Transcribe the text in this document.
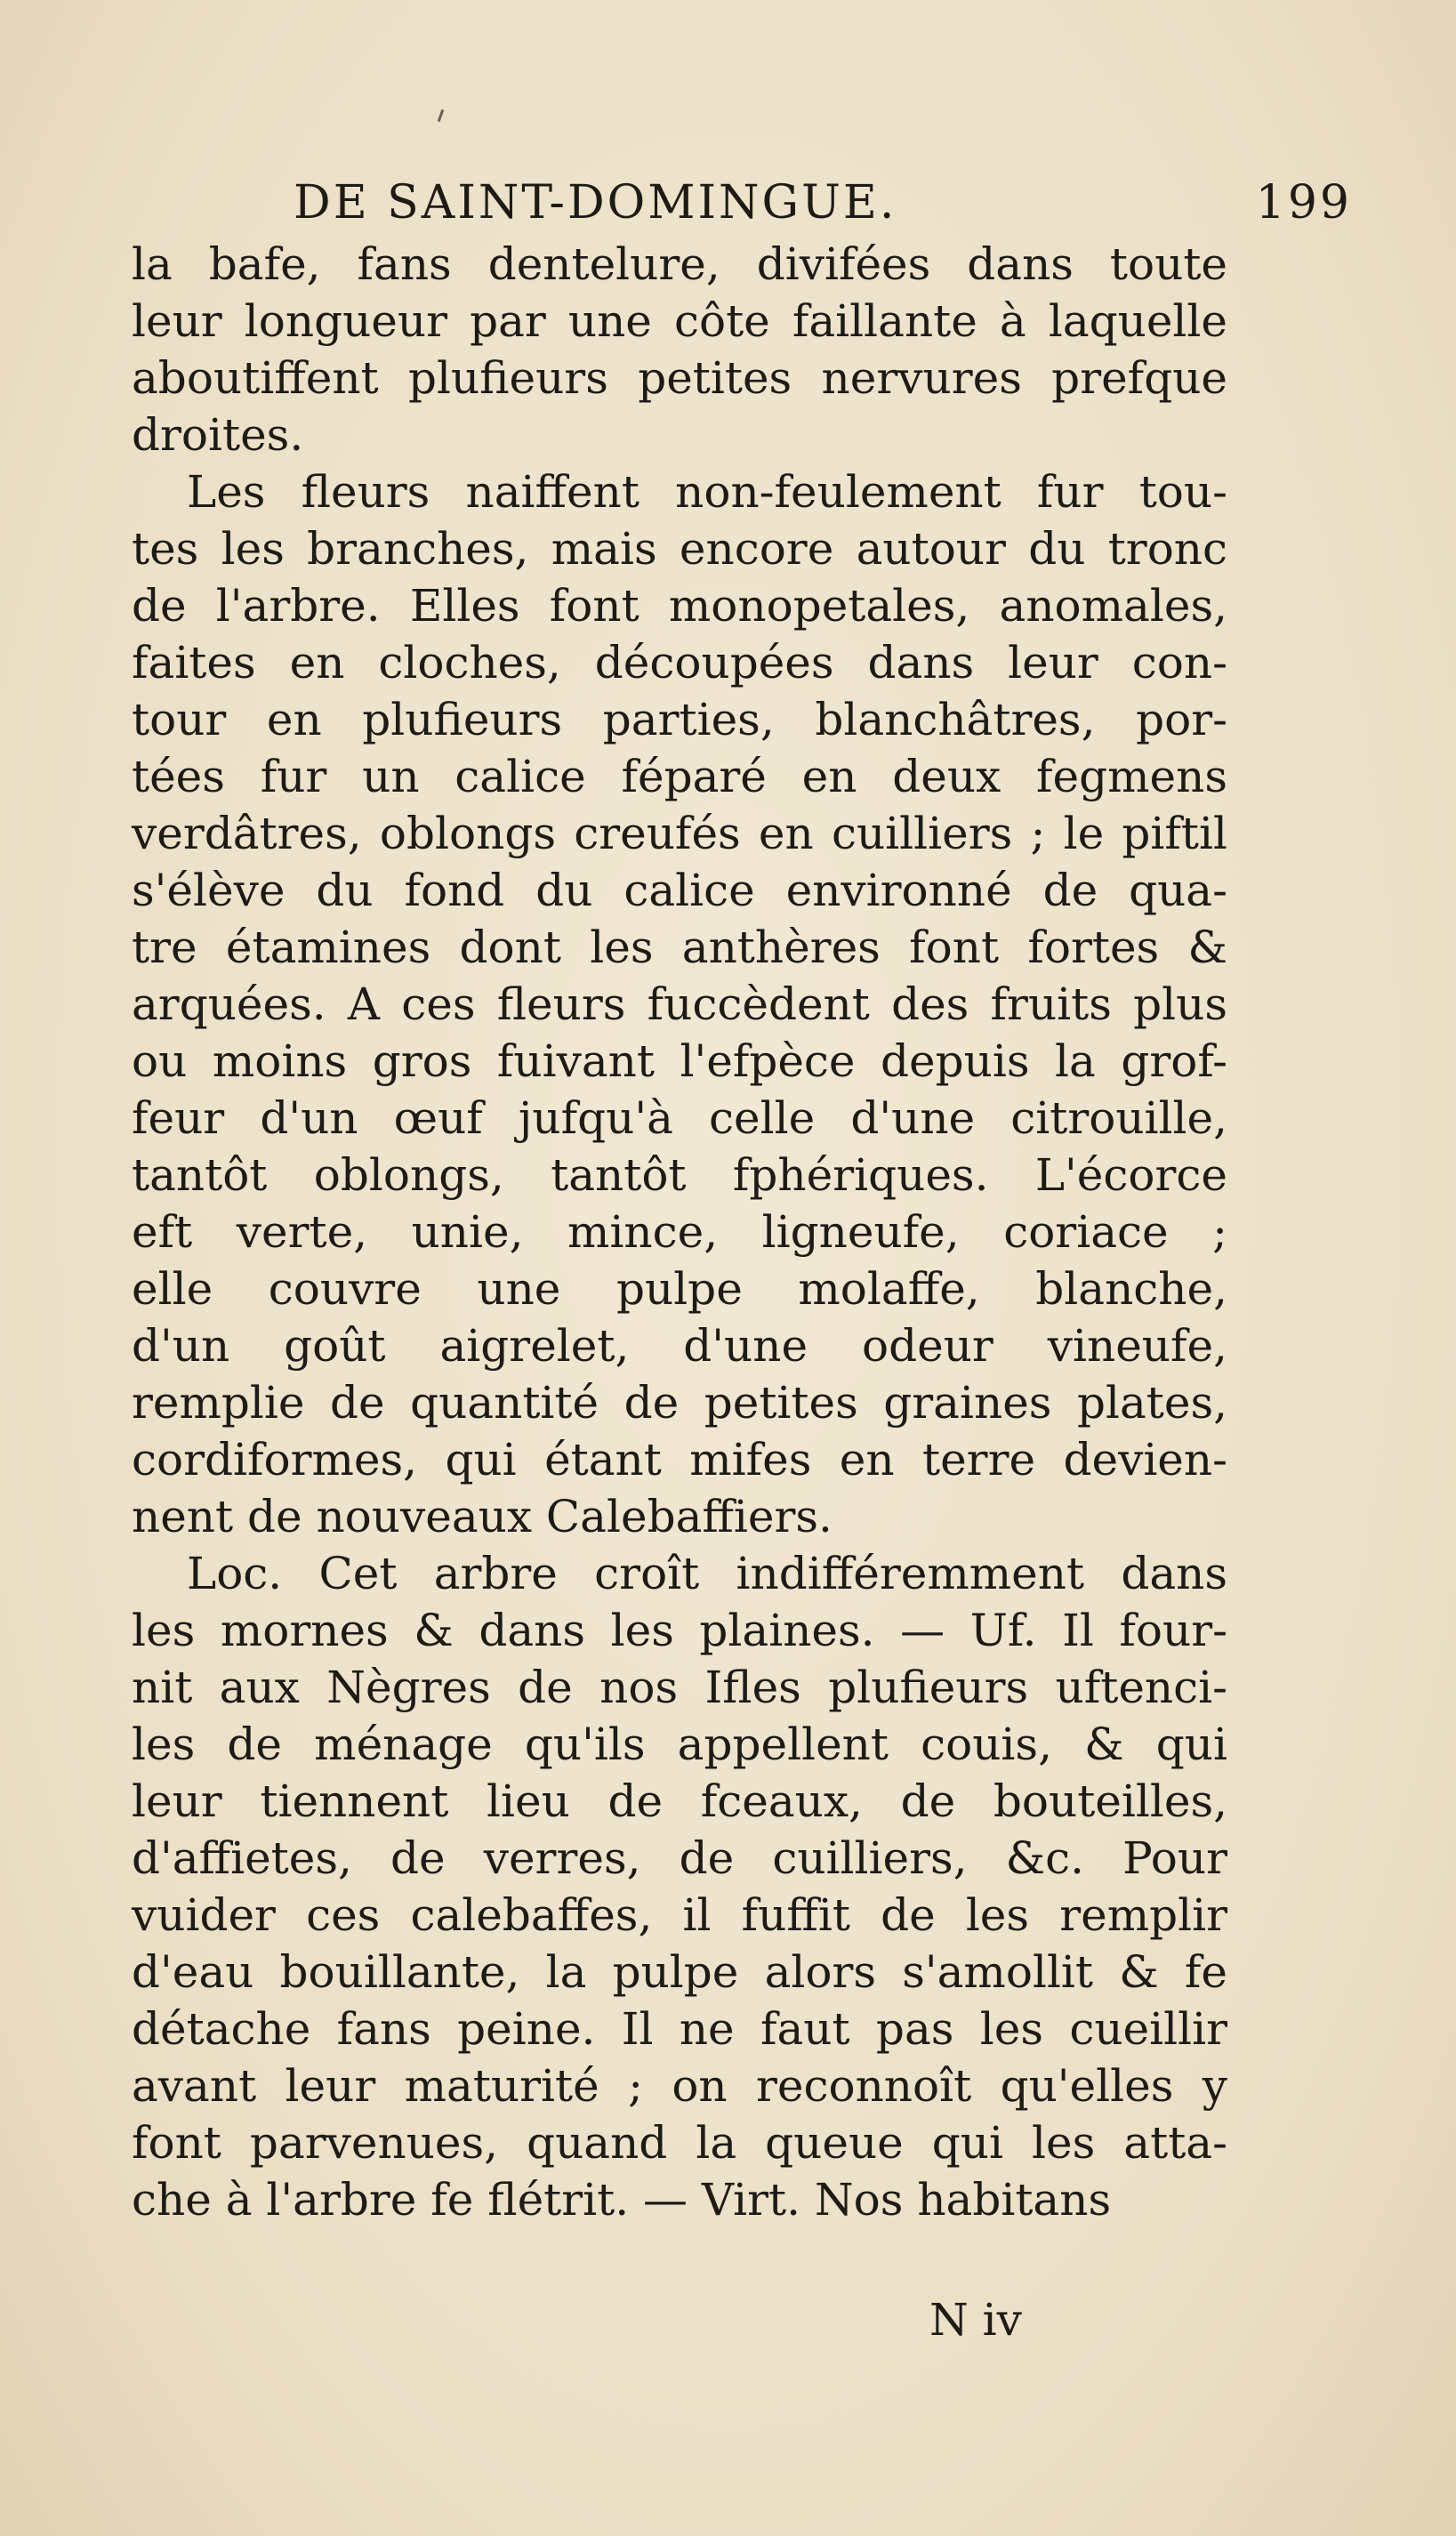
DE SAINT-DOMINGUE.	199
la bafe, fans dentelure, divifées dans toute
leur longueur par une côte faillante à laquelle
aboutiffent plufieurs petites nervures prefque
droites.
Les fleurs naiffent non-feulement fur tou-
tes les branches, mais encore autour du tronc
de l'arbre. Elles font monopetales, anomales,
faites en cloches, découpées dans leur con-
tour en plufieurs parties, blanchâtres, por-
tées fur un calice féparé en deux fegmens
verdâtres, oblongs creufés en cuilliers ; le piftil
s'élève du fond du calice environné de qua-
tre étamines dont les anthères font fortes &
arquées. A ces fleurs fuccèdent des fruits plus
ou moins gros fuivant l'efpèce depuis la grof-
feur d'un œuf jufqu'à celle d'une citrouille,
tantôt oblongs, tantôt fphériques. L'écorce
eft verte, unie, mince, ligneufe, coriace ;
elle couvre une pulpe molaffe, blanche,
d'un goût aigrelet, d'une odeur vineufe,
remplie de quantité de petites graines plates,
cordiformes, qui étant mifes en terre devien-
nent de nouveaux Calebaffiers.
Loc. Cet arbre croît indifféremment dans
les mornes & dans les plaines. — Uf. Il four-
nit aux Nègres de nos Ifles plufieurs uftenci-
les de ménage qu'ils appellent couis, & qui
leur tiennent lieu de fceaux, de bouteilles,
d'affietes, de verres, de cuilliers, &c. Pour
vuider ces calebaffes, il fuffit de les remplir
d'eau bouillante, la pulpe alors s'amollit & fe
détache fans peine. Il ne faut pas les cueillir
avant leur maturité ; on reconnoît qu'elles y
font parvenues, quand la queue qui les atta-
che à l'arbre fe flétrit. — Virt. Nos habitans
N iv
